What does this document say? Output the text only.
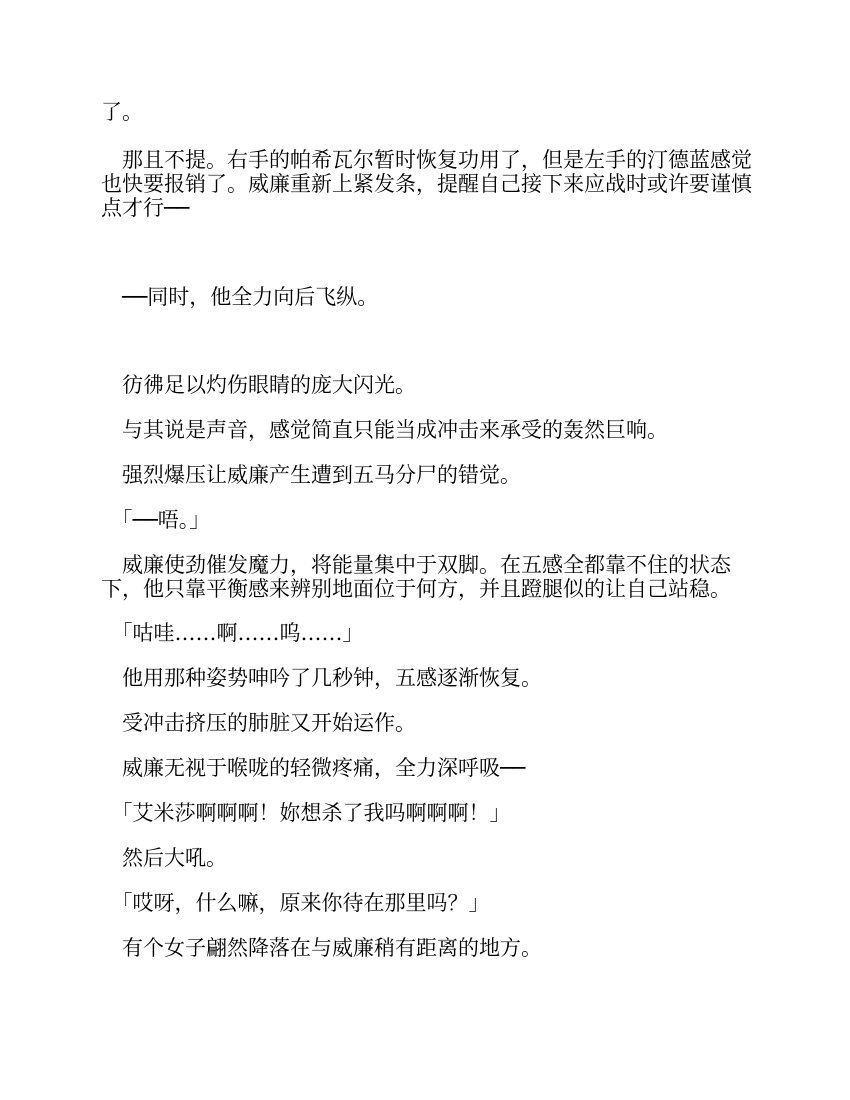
了。

　那且不提。右手的帕希瓦尔暂时恢复功用了，但是左手的汀德蓝感觉也快要报销了。威廉重新上紧发条，提醒自己接下来应战时或许要谨慎点才行──

　──同时，他全力向后飞纵。

　彷彿足以灼伤眼睛的庞大闪光。

　与其说是声音，感觉简直只能当成冲击来承受的轰然巨响。

　强烈爆压让威廉产生遭到五马分尸的错觉。

　「──唔。」

　威廉使劲催发魔力，将能量集中于双脚。在五感全都靠不住的状态下，他只靠平衡感来辨别地面位于何方，并且蹬腿似的让自己站稳。

　「咕哇……啊……呜……」

　他用那种姿势呻吟了几秒钟，五感逐渐恢复。

　受冲击挤压的肺脏又开始运作。

　威廉无视于喉咙的轻微疼痛，全力深呼吸──

　「艾米莎啊啊啊！妳想杀了我吗啊啊啊！」

　然后大吼。

　「哎呀，什么嘛，原来你待在那里吗？」

　有个女子翩然降落在与威廉稍有距离的地方。
